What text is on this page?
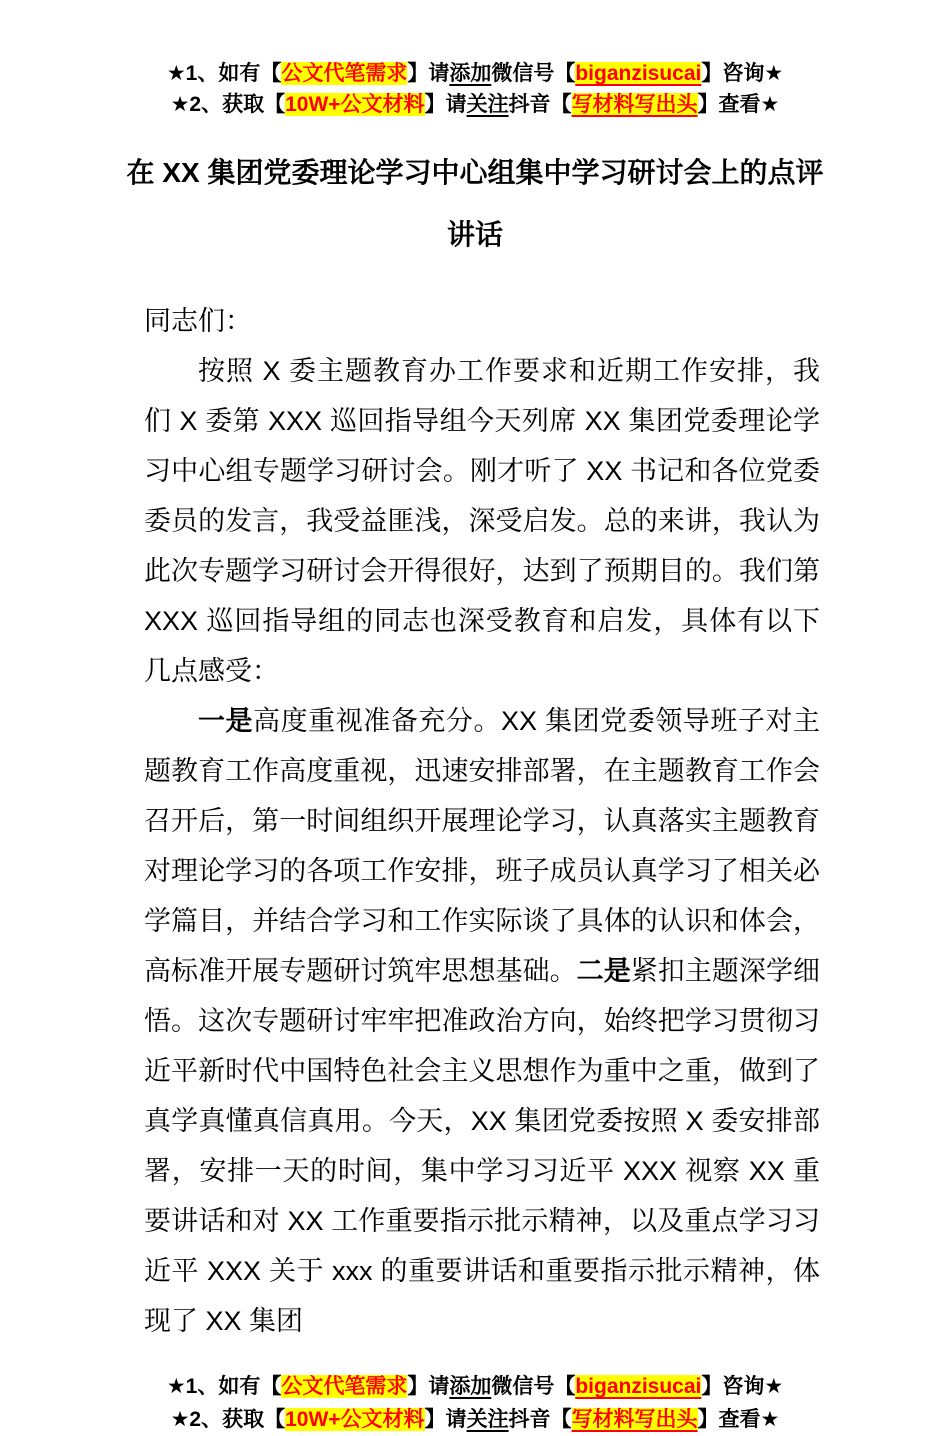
★1、如有【公文代笔需求】请添加微信号【biganzisucai】咨询★
★2、获取【10W+公文材料】请关注抖音【写材料写出头】查看★
在 XX 集团党委理论学习中心组集中学习研讨会上的点评讲话

同志们：

按照 X 委主题教育办工作要求和近期工作安排，我们 X 委第 XXX 巡回指导组今天列席 XX 集团党委理论学习中心组专题学习研讨会。刚才听了 XX 书记和各位党委委员的发言，我受益匪浅，深受启发。总的来讲，我认为此次专题学习研讨会开得很好，达到了预期目的。我们第 XXX 巡回指导组的同志也深受教育和启发，具体有以下几点感受：

一是高度重视准备充分。XX 集团党委领导班子对主题教育工作高度重视，迅速安排部署，在主题教育工作会召开后，第一时间组织开展理论学习，认真落实主题教育对理论学习的各项工作安排，班子成员认真学习了相关必学篇目，并结合学习和工作实际谈了具体的认识和体会，高标准开展专题研讨筑牢思想基础。二是紧扣主题深学细悟。这次专题研讨牢牢把准政治方向，始终把学习贯彻习近平新时代中国特色社会主义思想作为重中之重，做到了真学真懂真信真用。今天，XX 集团党委按照 X 委安排部署，安排一天的时间，集中学习习近平 XXX 视察 XX 重要讲话和对 XX 工作重要指示批示精神，以及重点学习习近平 XXX 关于 xxx 的重要讲话和重要指示批示精神，体现了 XX 集团

★1、如有【公文代笔需求】请添加微信号【biganzisucai】咨询★
★2、获取【10W+公文材料】请关注抖音【写材料写出头】查看★
